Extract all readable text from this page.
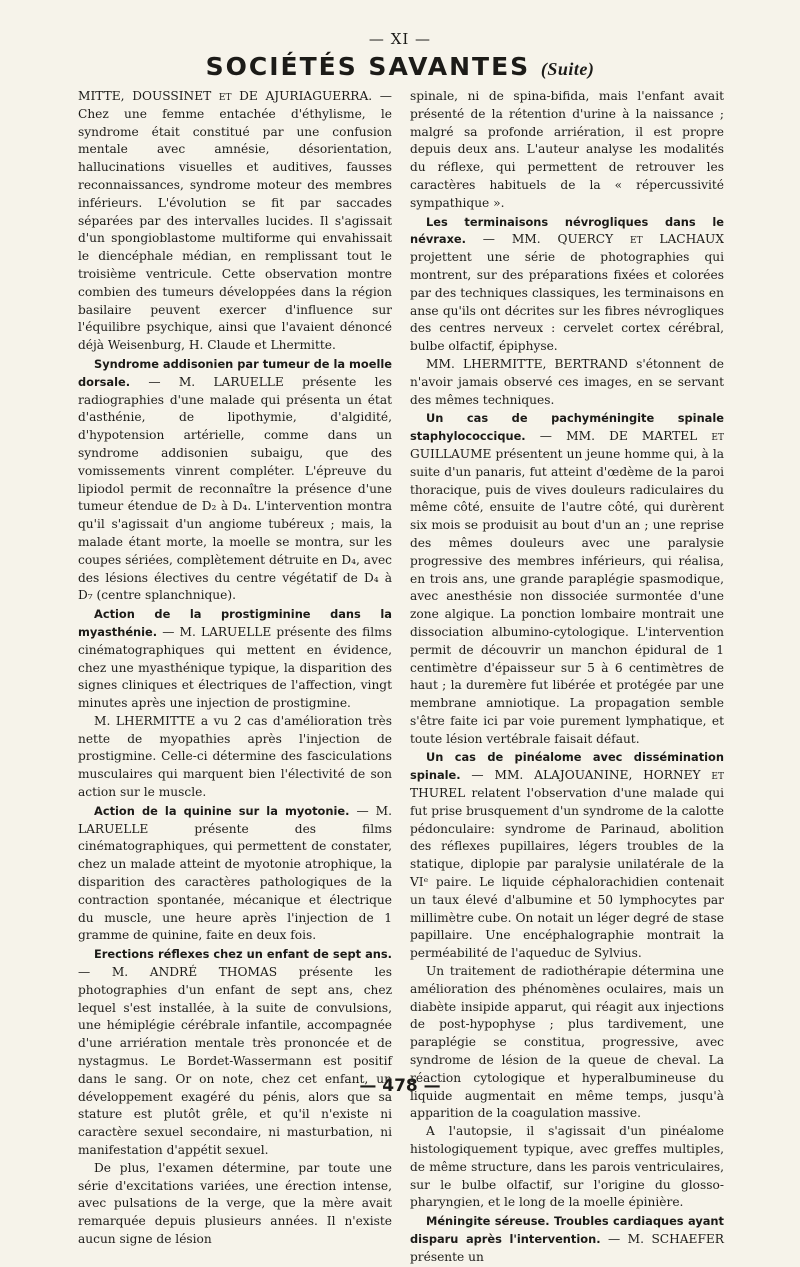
— XI —
SOCIÉTÉS SAVANTES (Suite)

MITTE, DOUSSINET et DE AJURIAGUERRA. — Chez une femme entachée d'éthylisme, le syndrome était constitué par une confusion mentale avec amnésie, désorientation, hallucinations visuelles et auditives, fausses reconnaissances, syndrome moteur des membres inférieurs. L'évolution se fit par saccades séparées par des intervalles lucides. Il s'agissait d'un spongioblastome multiforme qui envahissait le diencéphale médian, en remplissant tout le troisième ventricule. Cette observation montre combien des tumeurs développées dans la région basilaire peuvent exercer d'influence sur l'équilibre psychique, ainsi que l'avaient dénoncé déjà Weisenburg, H. Claude et Lhermitte.

Syndrome addisonien par tumeur de la moelle dorsale. — M. LARUELLE présente les radiographies d'une malade qui présenta un état d'asthénie, de lipothymie, d'algidité, d'hypotension artérielle, comme dans un syndrome addisonien subaigu, que des vomissements vinrent compléter. L'épreuve du lipiodol permit de reconnaître la présence d'une tumeur étendue de D₂ à D₄. L'intervention montra qu'il s'agissait d'un angiome tubéreux ; mais, la malade étant morte, la moelle se montra, sur les coupes sériées, complètement détruite en D₄, avec des lésions électives du centre végétatif de D₄ à D₇ (centre splanchnique).

Action de la prostigminine dans la myasthénie. — M. LARUELLE présente des films cinématographiques qui mettent en évidence, chez une myasthénique typique, la disparition des signes cliniques et électriques de l'affection, vingt minutes après une injection de prostigmine.

M. LHERMITTE a vu 2 cas d'amélioration très nette de myopathies après l'injection de prostigmine. Celle-ci détermine des fasciculations musculaires qui marquent bien l'électivité de son action sur le muscle.

Action de la quinine sur la myotonie. — M. LARUELLE présente des films cinématographiques, qui permettent de constater, chez un malade atteint de myotonie atrophique, la disparition des caractères pathologiques de la contraction spontanée, mécanique et électrique du muscle, une heure après l'injection de 1 gramme de quinine, faite en deux fois.

Erections réflexes chez un enfant de sept ans. — M. ANDRÉ THOMAS présente les photographies d'un enfant de sept ans, chez lequel s'est installée, à la suite de convulsions, une hémiplégie cérébrale infantile, accompagnée d'une arriération mentale très prononcée et de nystagmus. Le Bordet-Wassermann est positif dans le sang. Or on note, chez cet enfant, un développement exagéré du pénis, alors que sa stature est plutôt grêle, et qu'il n'existe ni caractère sexuel secondaire, ni masturbation, ni manifestation d'appétit sexuel.

De plus, l'examen détermine, par toute une série d'excitations variées, une érection intense, avec pulsations de la verge, que la mère avait remarquée depuis plusieurs années. Il n'existe aucun signe de lésion

spinale, ni de spina-bifida, mais l'enfant avait présenté de la rétention d'urine à la naissance ; malgré sa profonde arriération, il est propre depuis deux ans. L'auteur analyse les modalités du réflexe, qui permettent de retrouver les caractères habituels de la « répercussivité sympathique ».

Les terminaisons névrogliques dans le névraxe. — MM. QUERCY et LACHAUX projettent une série de photographies qui montrent, sur des préparations fixées et colorées par des techniques classiques, les terminaisons en anse qu'ils ont décrites sur les fibres névrogliques des centres nerveux : cervelet cortex cérébral, bulbe olfactif, épiphyse.

MM. LHERMITTE, BERTRAND s'étonnent de n'avoir jamais observé ces images, en se servant des mêmes techniques.

Un cas de pachyméningite spinale staphylococcique. — MM. DE MARTEL et GUILLAUME présentent un jeune homme qui, à la suite d'un panaris, fut atteint d'œdème de la paroi thoracique, puis de vives douleurs radiculaires du même côté, ensuite de l'autre côté, qui durèrent six mois se produisit au bout d'un an ; une reprise des mêmes douleurs avec une paralysie progressive des membres inférieurs, qui réalisa, en trois ans, une grande paraplégie spasmodique, avec anesthésie non dissociée surmontée d'une zone algique. La ponction lombaire montrait une dissociation albumino-cytologique. L'intervention permit de découvrir un manchon épidural de 1 centimètre d'épaisseur sur 5 à 6 centimètres de haut ; la duremère fut libérée et protégée par une membrane amniotique. La propagation semble s'être faite ici par voie purement lymphatique, et toute lésion vertébrale faisait défaut.

Un cas de pinéalome avec dissémination spinale. — MM. ALAJOUANINE, HORNEY et THUREL relatent l'observation d'une malade qui fut prise brusquement d'un syndrome de la calotte pédonculaire: syndrome de Parinaud, abolition des réflexes pupillaires, légers troubles de la statique, diplopie par paralysie unilatérale de la VIᵉ paire. Le liquide céphalorachidien contenait un taux élevé d'albumine et 50 lymphocytes par millimètre cube. On notait un léger degré de stase papillaire. Une encéphalographie montrait la perméabilité de l'aqueduc de Sylvius.

Un traitement de radiothérapie détermina une amélioration des phénomènes oculaires, mais un diabète insipide apparut, qui réagit aux injections de post-hypophyse ; plus tardivement, une paraplégie se constitua, progressive, avec syndrome de lésion de la queue de cheval. La réaction cytologique et hyperalbumineuse du liquide augmentait en même temps, jusqu'à apparition de la coagulation massive.

A l'autopsie, il s'agissait d'un pinéalome histologiquement typique, avec greffes multiples, de même structure, dans les parois ventriculaires, sur le bulbe olfactif, sur l'origine du glosso-pharyngien, et le long de la moelle épinière.

Méningite séreuse. Troubles cardiaques ayant disparu après l'intervention. — M. SCHAEFER présente un

— 478 —
